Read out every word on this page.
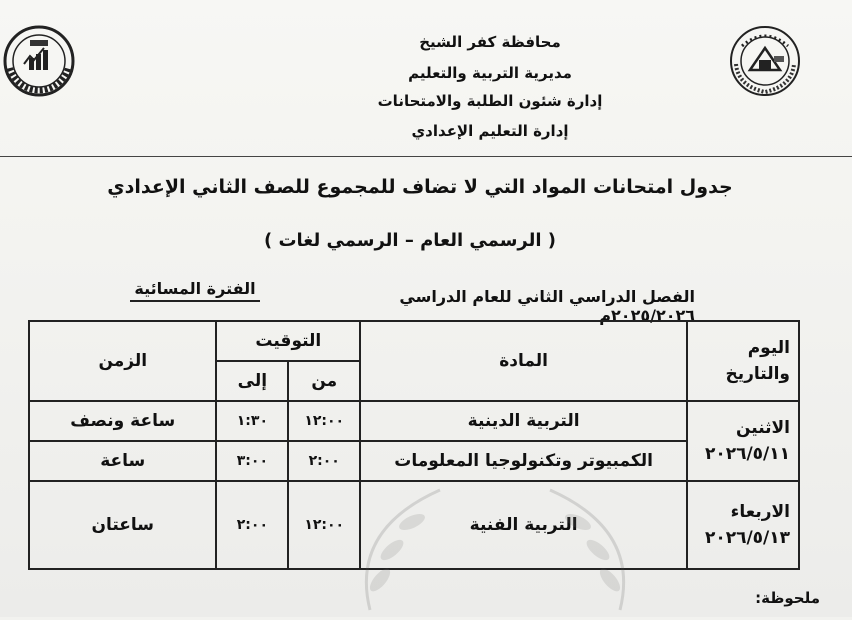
محافظة كفر الشيخ
مديرية التربية والتعليم
إدارة شئون الطلبة والامتحانات
إدارة التعليم الإعدادي
جدول امتحانات المواد التي لا تضاف للمجموع للصف الثاني الإعدادي
( الرسمي العام – الرسمي لغات )
الفصل الدراسي الثاني للعام الدراسي ٢٠٢٥/٢٠٢٦م
الفترة المسائية
اليوم
والتاريخ	المادة	التوقيت		الزمن
		من	إلى	
الاثنين
٢٠٢٦/٥/١١	التربية الدينية	١٢:٠٠	١:٣٠	ساعة ونصف
	الكمبيوتر وتكنولوجيا المعلومات	٢:٠٠	٣:٠٠	ساعة
الاربعاء
٢٠٢٦/٥/١٣	التربية الفنية	١٢:٠٠	٢:٠٠	ساعتان
ملحوظة:
